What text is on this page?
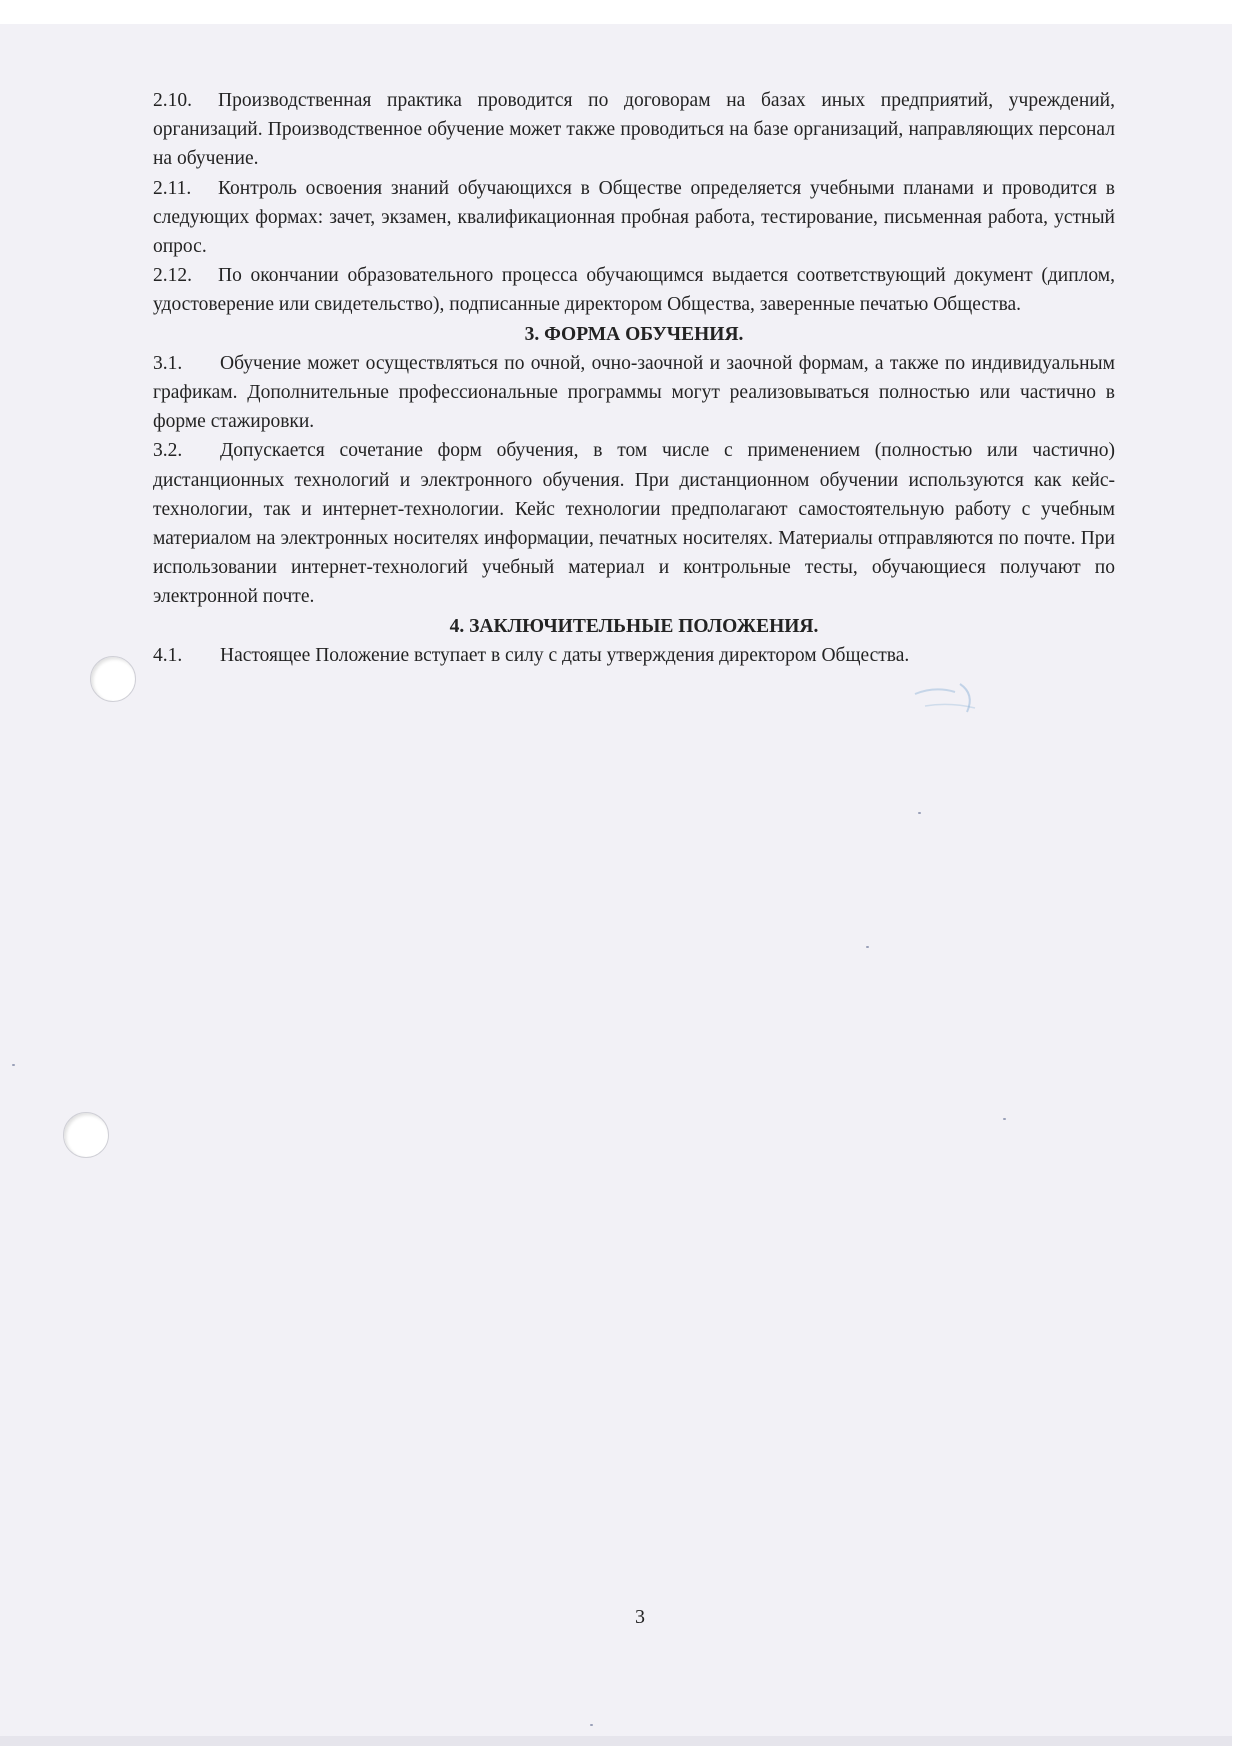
2.10. Производственная практика проводится по договорам на базах иных предприятий, учреждений, организаций. Производственное обучение может также проводиться на базе организаций, направляющих персонал на обучение.

2.11. Контроль освоения знаний обучающихся в Обществе определяется учебными планами и проводится в следующих формах: зачет, экзамен, квалификационная пробная работа, тестирование, письменная работа, устный опрос.

2.12. По окончании образовательного процесса обучающимся выдается соответствующий документ (диплом, удостоверение или свидетельство), подписанные директором Общества, заверенные печатью Общества.

3. ФОРМА ОБУЧЕНИЯ.

3.1. Обучение может осуществляться по очной, очно-заочной и заочной формам, а также по индивидуальным графикам. Дополнительные профессиональные программы могут реализовываться полностью или частично в форме стажировки.

3.2. Допускается сочетание форм обучения, в том числе с применением (полностью или частично) дистанционных технологий и электронного обучения. При дистанционном обучении используются как кейс-технологии, так и интернет-технологии. Кейс технологии предполагают самостоятельную работу с учебным материалом на электронных носителях информации, печатных носителях. Материалы отправляются по почте. При использовании интернет-технологий учебный материал и контрольные тесты, обучающиеся получают по электронной почте.

4. ЗАКЛЮЧИТЕЛЬНЫЕ ПОЛОЖЕНИЯ.

4.1. Настоящее Положение вступает в силу с даты утверждения директором Общества.

3
